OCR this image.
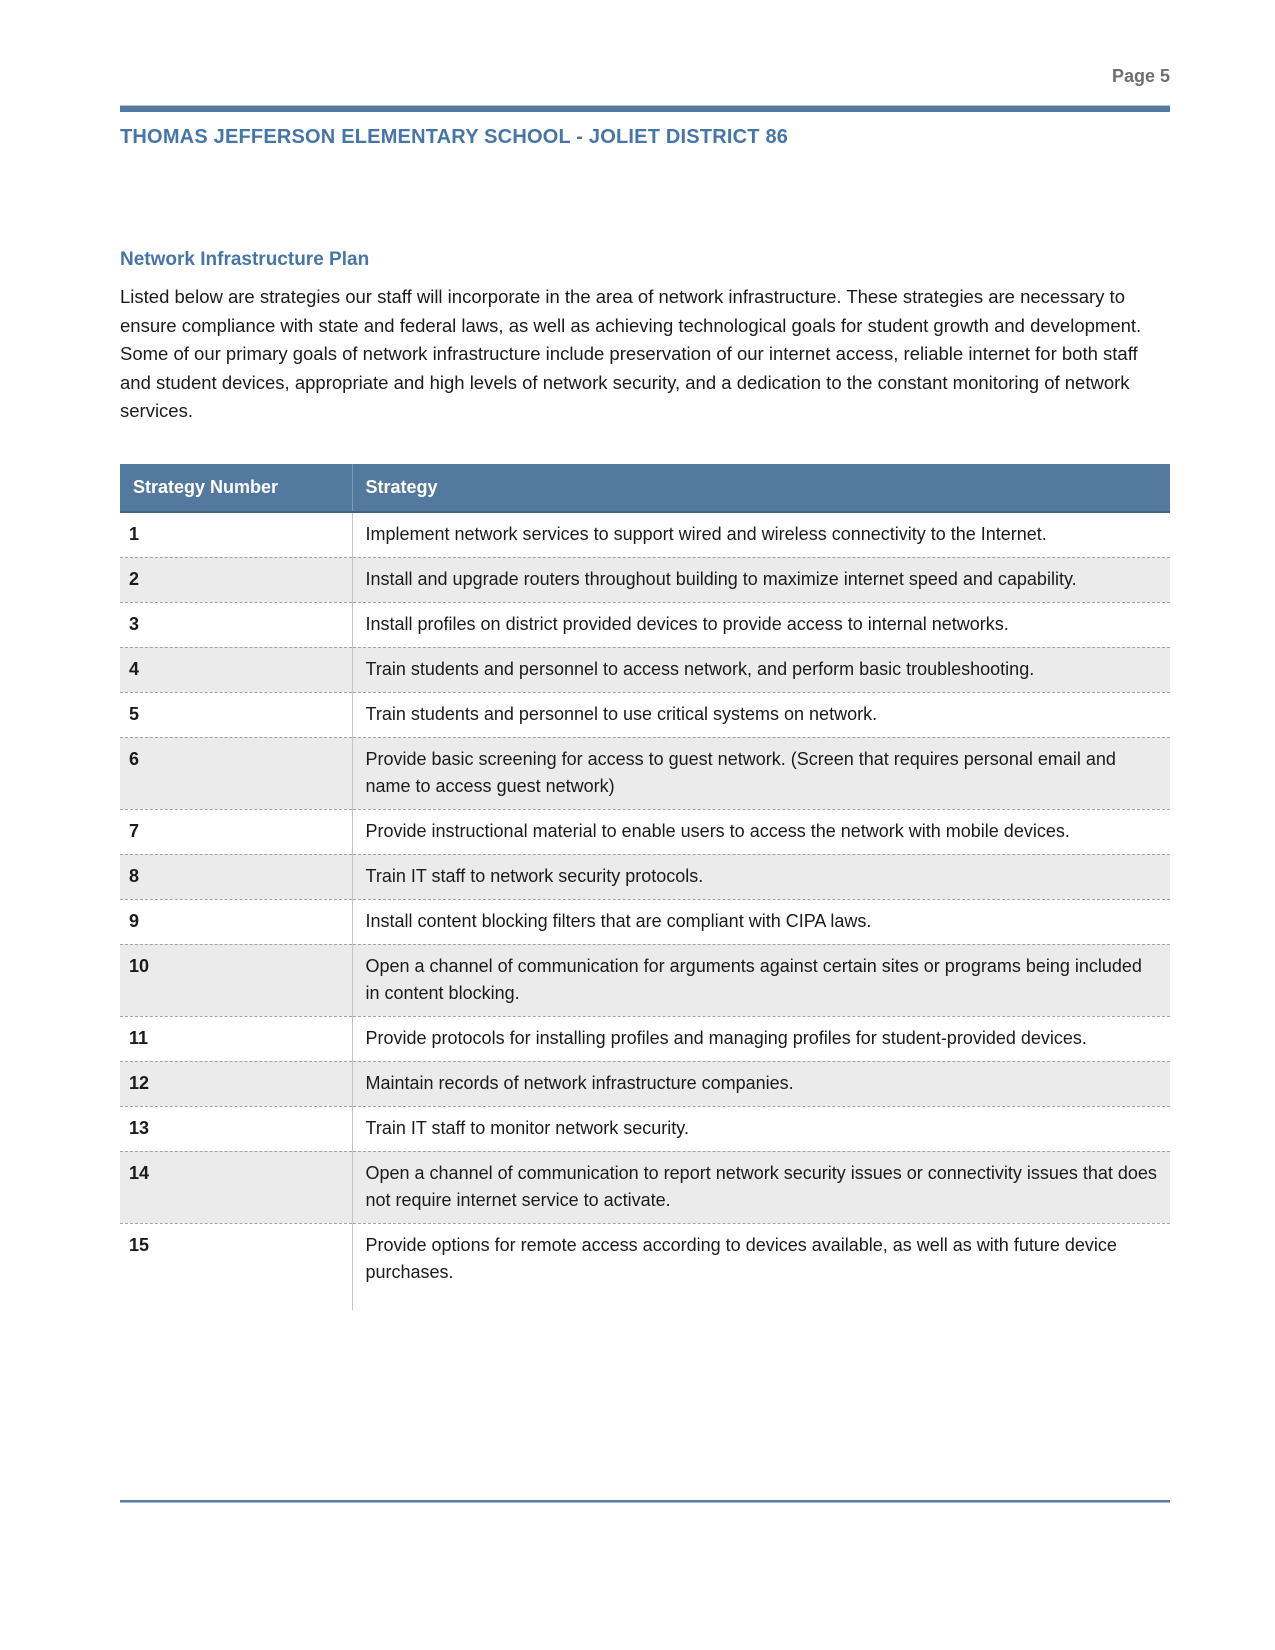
Page 5
THOMAS JEFFERSON ELEMENTARY SCHOOL - JOLIET DISTRICT 86
Network Infrastructure Plan
Listed below are strategies our staff will incorporate in the area of network infrastructure. These strategies are necessary to ensure compliance with state and federal laws, as well as achieving technological goals for student growth and development. Some of our primary goals of network infrastructure include preservation of our internet access, reliable internet for both staff and student devices, appropriate and high levels of network security, and a dedication to the constant monitoring of network services.
Strategy Number	Strategy
1	Implement network services to support wired and wireless connectivity to the Internet.
2	Install and upgrade routers throughout building to maximize internet speed and capability.
3	Install profiles on district provided devices to provide access to internal networks.
4	Train students and personnel to access network, and perform basic troubleshooting.
5	Train students and personnel to use critical systems on network.
6	Provide basic screening for access to guest network. (Screen that requires personal email and name to access guest network)
7	Provide instructional material to enable users to access the network with mobile devices.
8	Train IT staff to network security protocols.
9	Install content blocking filters that are compliant with CIPA laws.
10	Open a channel of communication for arguments against certain sites or programs being included in content blocking.
11	Provide protocols for installing profiles and managing profiles for student-provided devices.
12	Maintain records of network infrastructure companies.
13	Train IT staff to monitor network security.
14	Open a channel of communication to report network security issues or connectivity issues that does not require internet service to activate.
15	Provide options for remote access according to devices available, as well as with future device purchases.
